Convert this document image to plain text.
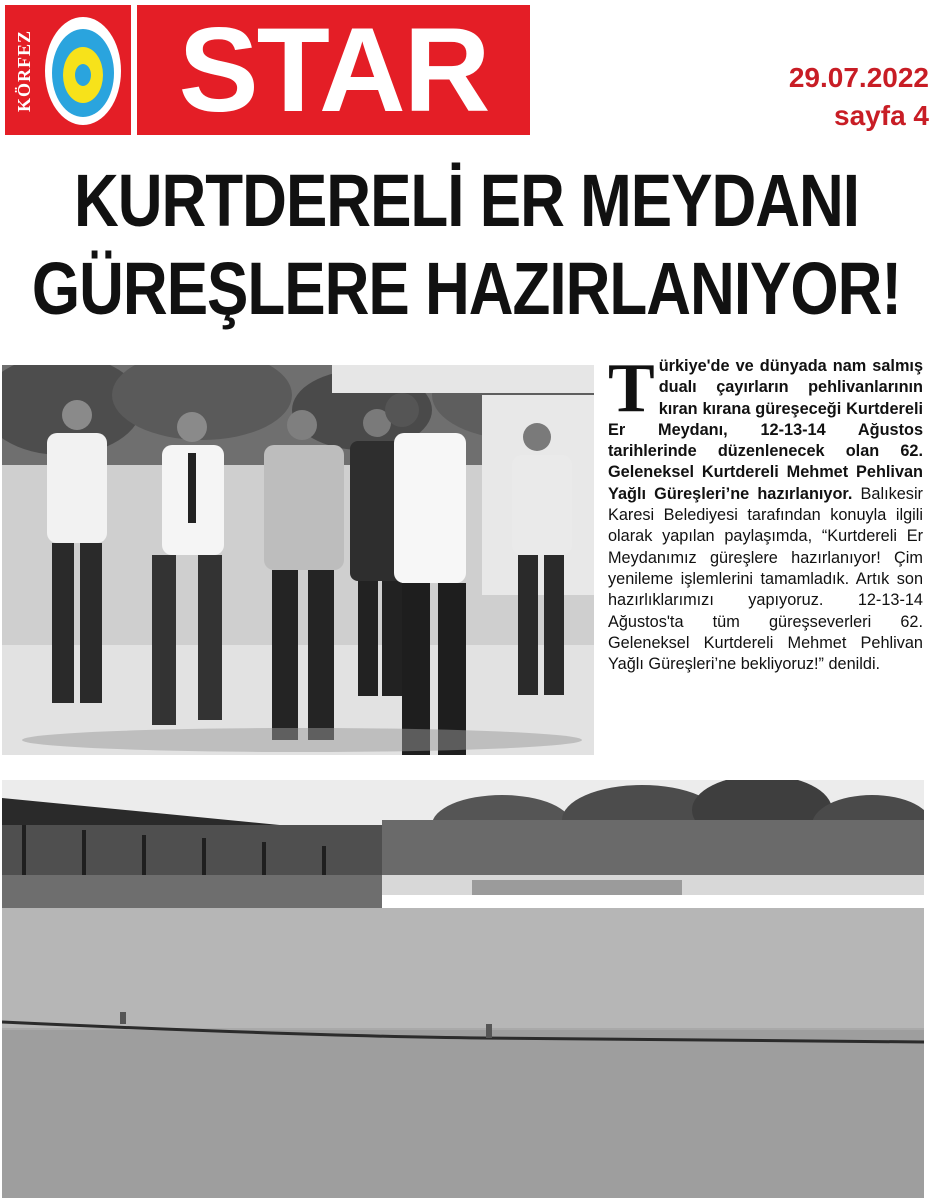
KÖRFEZ STAR	29.07.2022
sayfa 4
KURTDERELİ ER MEYDANI
GÜREŞLERE HAZIRLANIYOR!
T ürkiye'de ve dünyada nam salmış dualı çayırların pehlivanlarının kıran kırana güreşeceği Kurtdereli Er Meydanı, 12-13-14 Ağustos tarihlerinde düzenlenecek olan 62. Geleneksel Kurtdereli Mehmet Pehlivan Yağlı Güreşleri’ne hazırlanıyor. Balıkesir Karesi Belediyesi tarafından konuyla ilgili olarak yapılan paylaşımda, “Kurtdereli Er Meydanımız güreşlere hazırlanıyor! Çim yenileme işlemlerini tamamladık. Artık son hazırlıklarımızı yapıyoruz. 12-13-14 Ağustos'ta tüm güreşseverleri 62. Geleneksel Kurtdereli Mehmet Pehlivan Yağlı Güreşleri’ne bekliyoruz!” denildi.
